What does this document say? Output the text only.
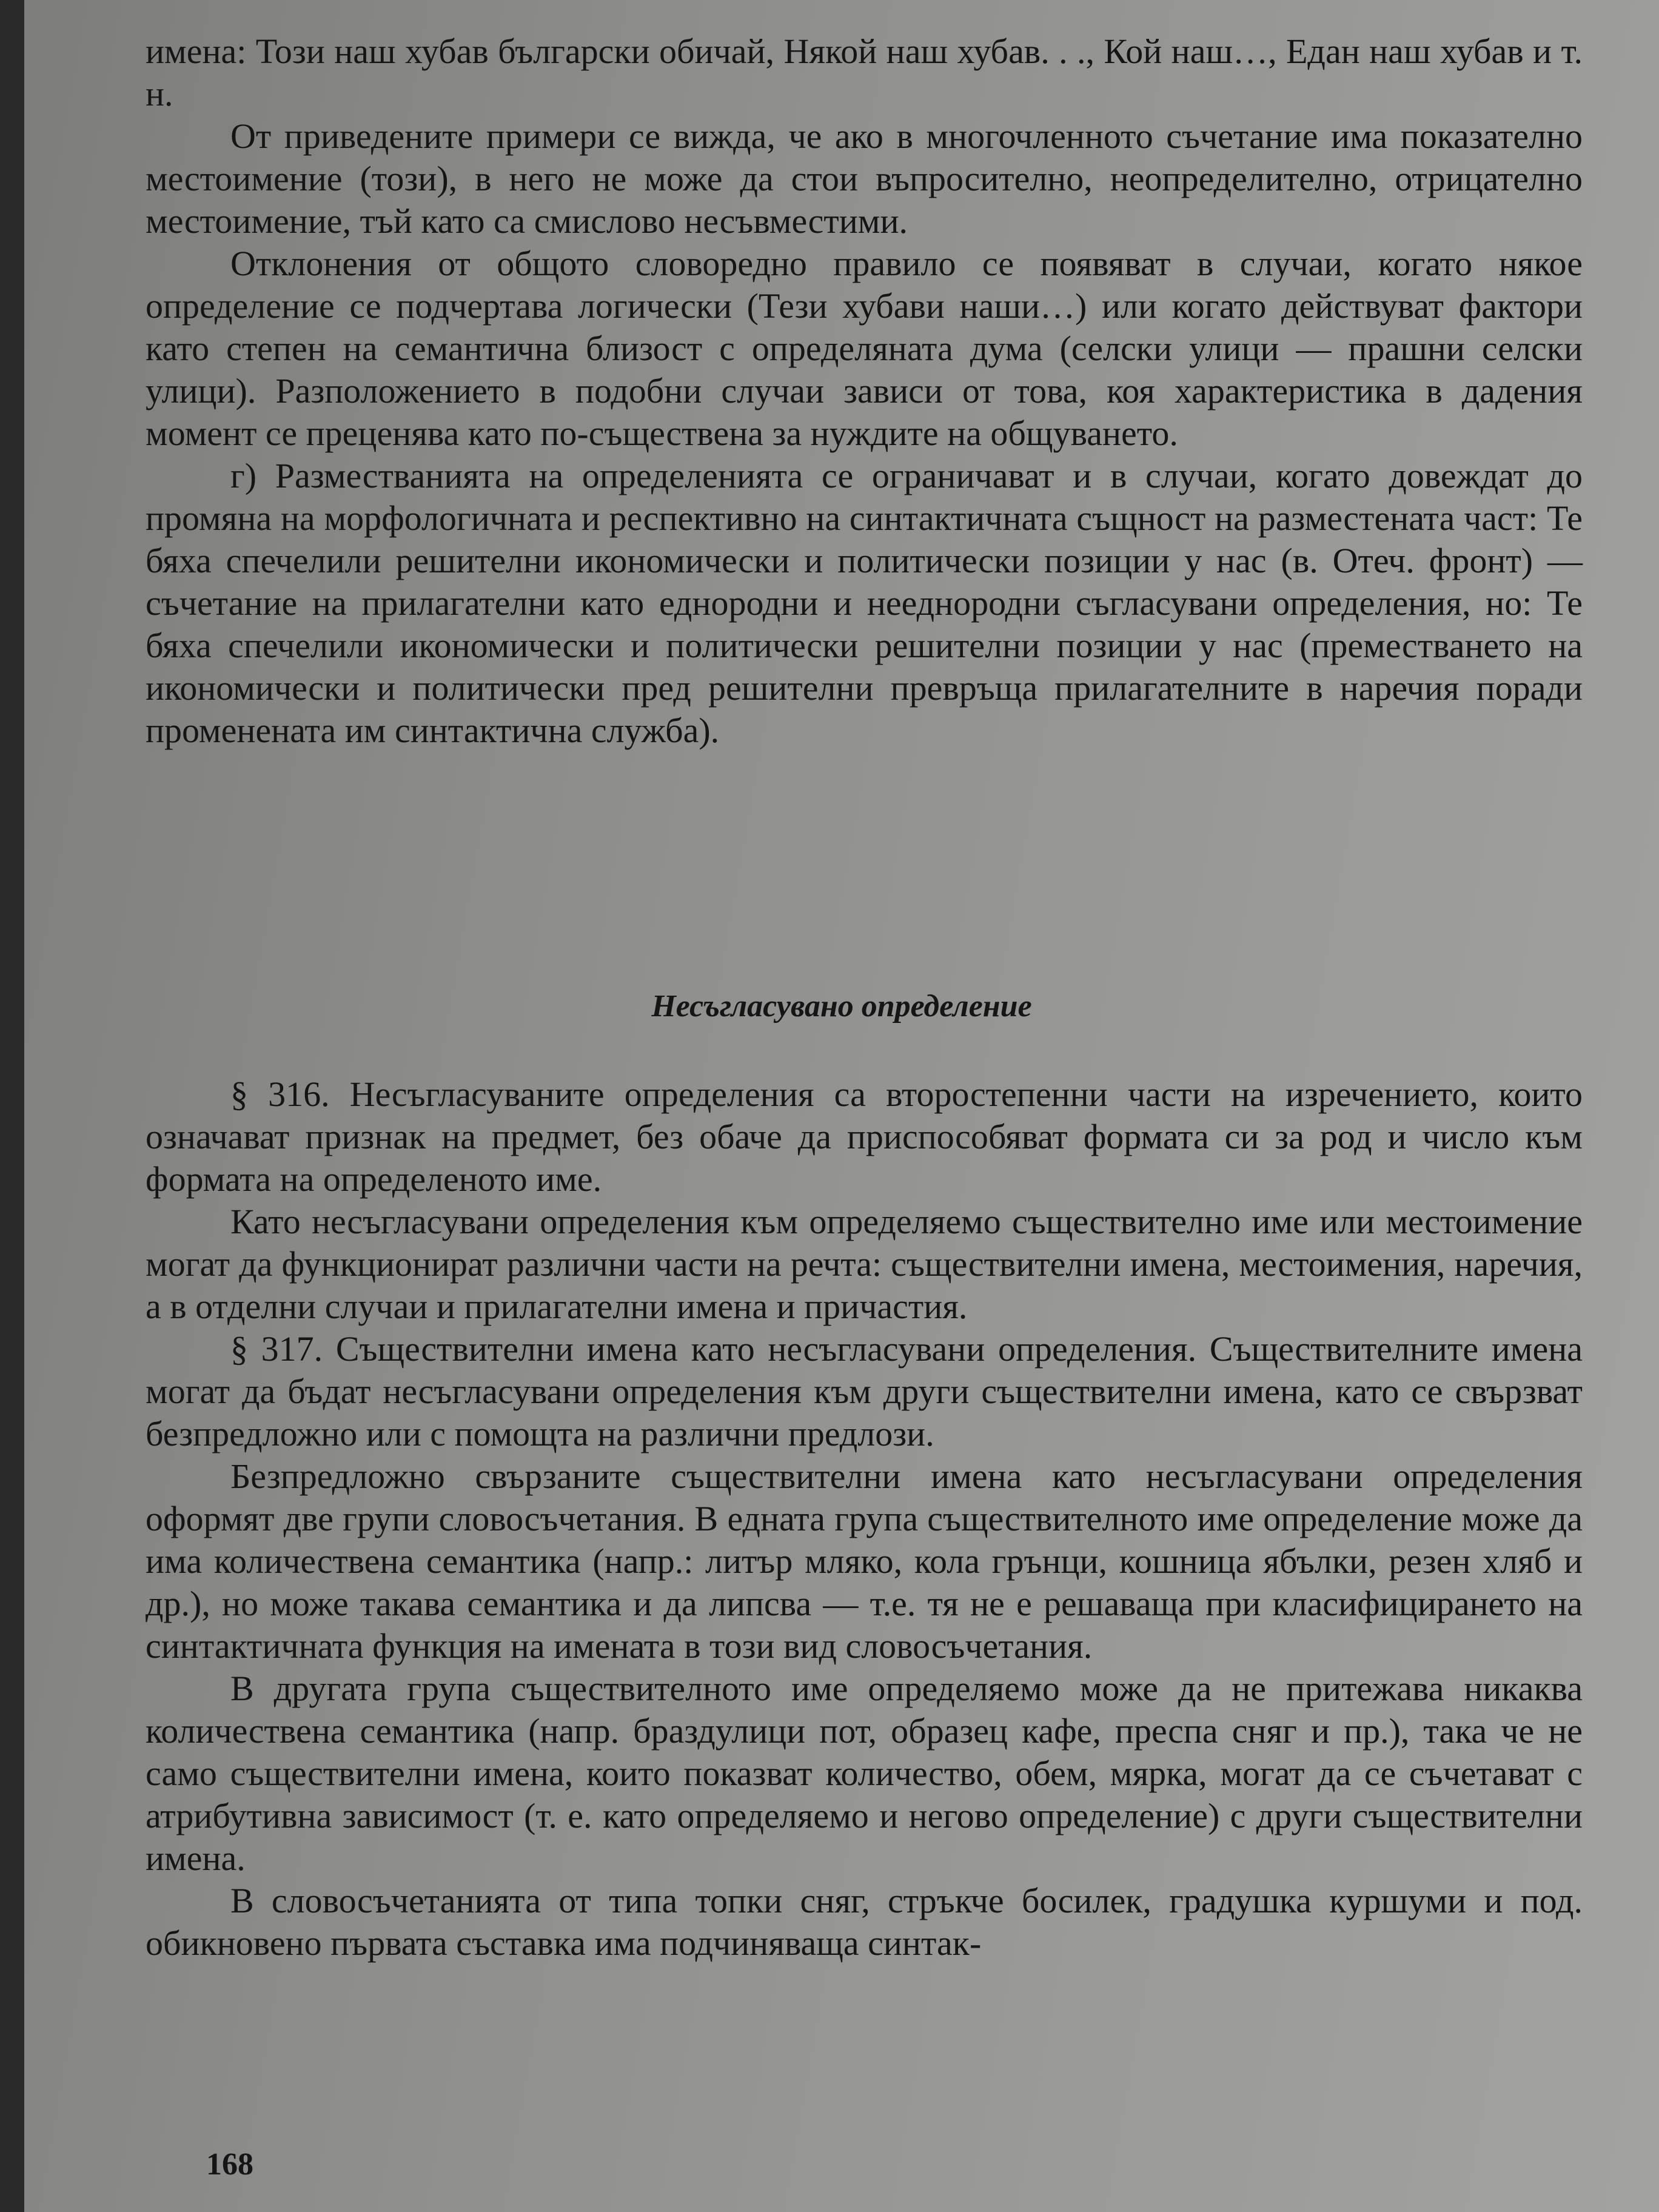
имена: Този наш хубав български обичай, Някой наш хубав. . ., Кой наш…, Едан наш хубав и т. н.

От приведените примери се вижда, че ако в многочленното съчетание има показателно местоимение (този), в него не може да стои въпросително, неопределително, отрицателно местоимение, тъй като са смислово несъвместими.

Отклонения от общото словоредно правило се появяват в случаи, когато някое определение се подчертава логически (Тези хубави наши…) или когато действуват фактори като степен на семантична близост с определяната дума (селски улици — прашни селски улици). Разположението в подобни случаи зависи от това, коя характеристика в дадения момент се преценява като по-съществена за нуждите на общуването.

г) Разместванията на определенията се ограничават и в случаи, когато довеждат до промяна на морфологичната и респективно на синтактичната същност на разместената част: Те бяха спечелили решителни икономически и политически позиции у нас (в. Отеч. фронт) — съчетание на прилагателни като еднородни и нееднородни съгласувани определения, но: Те бяха спечелили икономически и политически решителни позиции у нас (преместването на икономически и политически пред решителни превръща прилагателните в наречия поради променената им синтактична служба).

Несъгласувано определение

§ 316. Несъгласуваните определения са второстепенни части на изречението, които означават признак на предмет, без обаче да приспособяват формата си за род и число към формата на определеното име.

Като несъгласувани определения към определяемо съществително име или местоимение могат да функционират различни части на речта: съществителни имена, местоимения, наречия, а в отделни случаи и прилагателни имена и причастия.

§ 317. Съществителни имена като несъгласувани определения. Съществителните имена могат да бъдат несъгласувани определения към други съществителни имена, като се свързват безпредложно или с помощта на различни предлози.

Безпредложно свързаните съществителни имена като несъгласувани определения оформят две групи словосъчетания. В едната група съществителното име определение може да има количествена семантика (напр.: литър мляко, кола грънци, кошница ябълки, резен хляб и др.), но може такава семантика и да липсва — т.е. тя не е решаваща при класифицирането на синтактичната функция на имената в този вид словосъчетания.

В другата група съществителното име определяемо може да не притежава никаква количествена семантика (напр. браздулици пот, образец кафе, преспа сняг и пр.), така че не само съществителни имена, които показват количество, обем, мярка, могат да се съчетават с атрибутивна зависимост (т. е. като определяемо и негово определение) с други съществителни имена.

В словосъчетанията от типа топки сняг, стръкче босилек, градушка куршуми и под. обикновено първата съставка има подчиняваща синтак-

168
